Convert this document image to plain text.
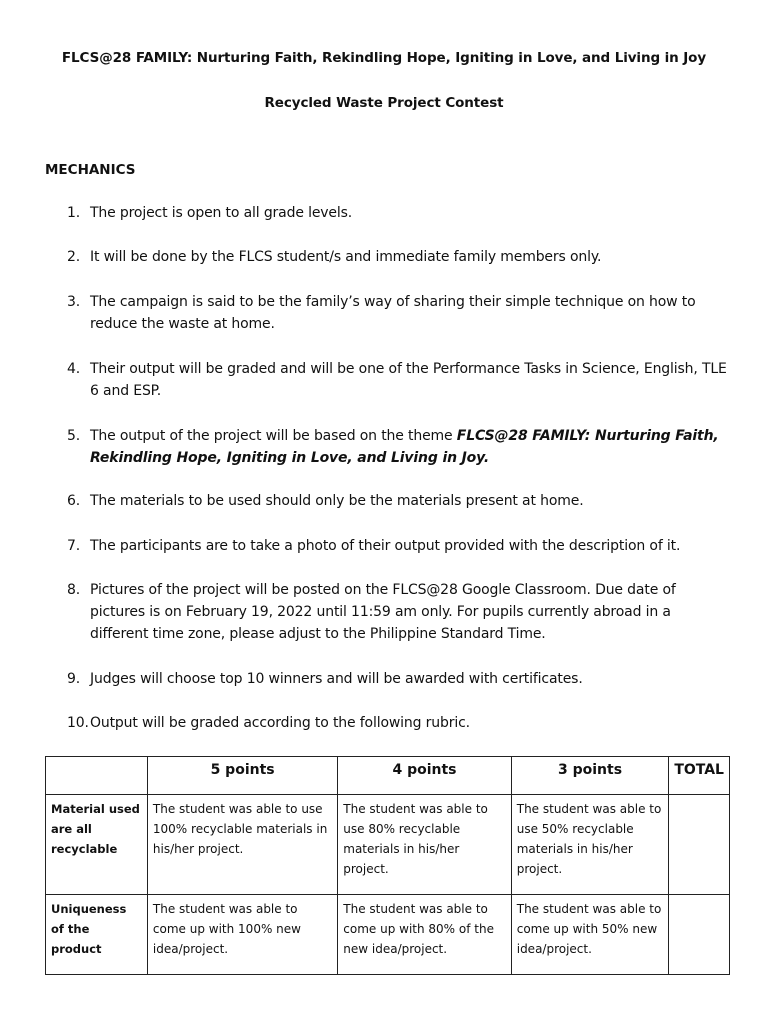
FLCS@28 FAMILY: Nurturing Faith, Rekindling Hope, Igniting in Love, and Living in Joy
Recycled Waste Project Contest
MECHANICS
1. The project is open to all grade levels.
2. It will be done by the FLCS student/s and immediate family members only.
3. The campaign is said to be the family’s way of sharing their simple technique on how to reduce the waste at home.
4. Their output will be graded and will be one of the Performance Tasks in Science, English, TLE 6 and ESP.
5. The output of the project will be based on the theme FLCS@28 FAMILY: Nurturing Faith, Rekindling Hope, Igniting in Love, and Living in Joy.
6. The materials to be used should only be the materials present at home.
7. The participants are to take a photo of their output provided with the description of it.
8. Pictures of the project will be posted on the FLCS@28 Google Classroom. Due date of pictures is on February 19, 2022 until 11:59 am only. For pupils currently abroad in a different time zone, please adjust to the Philippine Standard Time.
9. Judges will choose top 10 winners and will be awarded with certificates.
10. Output will be graded according to the following rubric.
	5 points	4 points	3 points	TOTAL
Material used are all recyclable	The student was able to use 100% recyclable materials in his/her project.	The student was able to use 80% recyclable materials in his/her project.	The student was able to use 50% recyclable materials in his/her project.	
Uniqueness of the product	The student was able to come up with 100% new idea/project.	The student was able to come up with 80% of the new idea/project.	The student was able to come up with 50% new idea/project.	
